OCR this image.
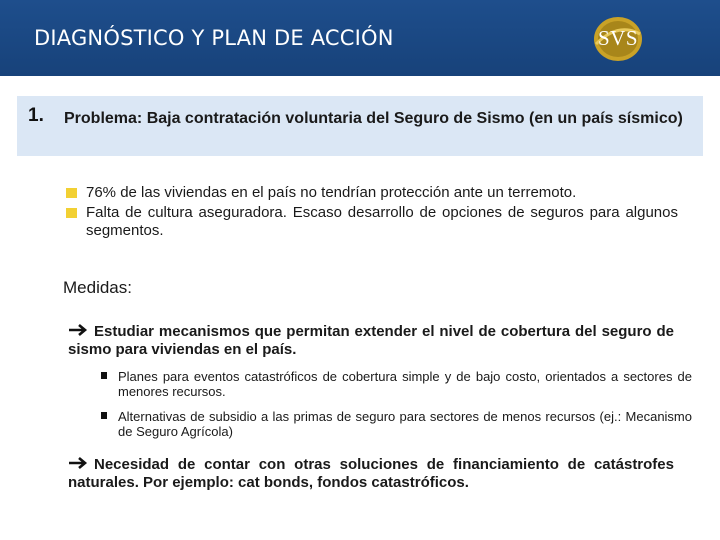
DIAGNÓSTICO Y PLAN DE ACCIÓN	SVS
1. Problema: Baja contratación voluntaria del Seguro de Sismo (en un país sísmico)
76% de las viviendas en el país no tendrían protección ante un terremoto.
Falta de cultura aseguradora. Escaso desarrollo de opciones de seguros para algunos segmentos.
Medidas:
Estudiar mecanismos que permitan extender el nivel de cobertura del seguro de sismo para viviendas en el país.
Planes para eventos catastróficos de cobertura simple y de bajo costo, orientados a sectores de menores recursos.
Alternativas de subsidio a las primas de seguro para sectores de menos recursos (ej.: Mecanismo de Seguro Agrícola)
Necesidad de contar con otras soluciones de financiamiento de catástrofes naturales. Por ejemplo: cat bonds, fondos catastróficos.
